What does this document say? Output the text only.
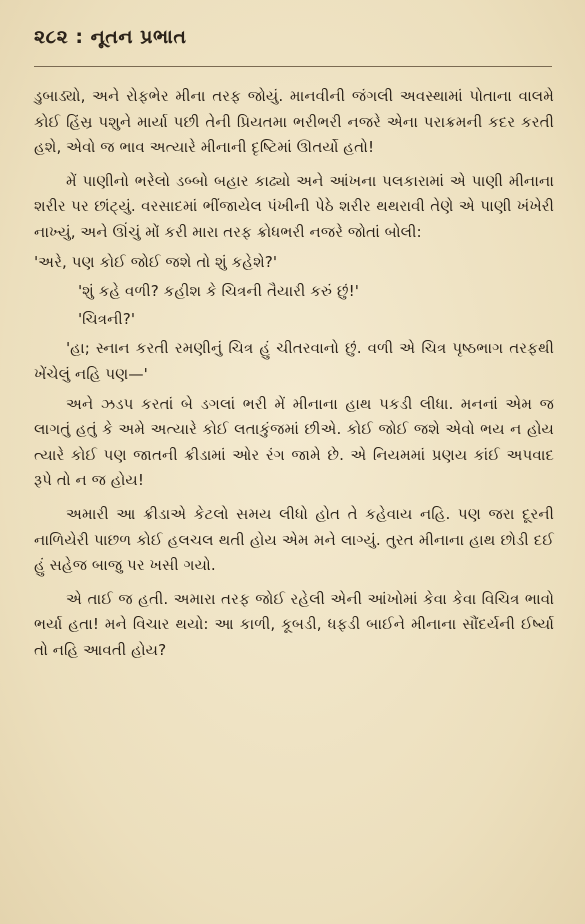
૨૮૨ : નૂતન પ્રભાત

ડુબાડ્યો, અને રોફભેર મીના તરફ જોયું. માનવીની જંગલી અવસ્થામાં પોતાના વાલમે કોઈ હિંસ્ર પશુને માર્યા પછી તેની પ્રિયતમા ભરીભરી નજરે એના પરાક્રમની કદર કરતી હશે, એવો જ ભાવ અત્યારે મીનાની દૃષ્ટિમાં ઊતર્યો હતો!

મેં પાણીનો ભરેલો ડબ્બો બહાર કાઢ્યો અને આંખના પલકારામાં એ પાણી મીનાના શરીર પર છાંટ્યું. વરસાદમાં ભીંજાયેલ પંખીની પેઠે શરીર થથરાવી તેણે એ પાણી ખંખેરી નાખ્યું, અને ઊંચું મોં કરી મારા તરફ ક્રોધભરી નજરે જોતાં બોલી:

'અરે, પણ કોઈ જોઈ જશે તો શું કહેશે?'

'શું કહે વળી? કહીશ કે ચિત્રની તૈયારી કરું છું!'

'ચિત્રની?'

'હા; સ્નાન કરતી રમણીનું ચિત્ર હું ચીતરવાનો છું. વળી એ ચિત્ર પૃષ્ઠભાગ તરફથી ખેંચેલું નહિ પણ—'

અને ઝડપ કરતાં બે ડગલાં ભરી મેં મીનાના હાથ પકડી લીધા. મનનાં એમ જ લાગતું હતું કે અમે અત્યારે કોઈ લતાકુંજમાં છીએ. કોઈ જોઈ જશે એવો ભય ન હોય ત્યારે કોઈ પણ જાતની ક્રીડામાં ઓર રંગ જામે છે. એ નિયમમાં પ્રણય કાંઈ અપવાદ રૂપે તો ન જ હોય!

અમારી આ ક્રીડાએ કેટલો સમય લીધો હોત તે કહેવાય નહિ. પણ જરા દૂરની નાળિયેરી પાછળ કોઈ હલચલ થતી હોય એમ મને લાગ્યું. તુરત મીનાના હાથ છોડી દઈ હું સહેજ બાજુ પર ખસી ગયો.

એ તાઈ જ હતી. અમારા તરફ જોઈ રહેલી એની આંખોમાં કેવા કેવા વિચિત્ર ભાવો ભર્યા હતા! મને વિચાર થયો: આ કાળી, કૂબડી, ધફડી બાઈને મીનાના સૌંદર્યની ઈર્ષ્યા તો નહિ આવતી હોય?
